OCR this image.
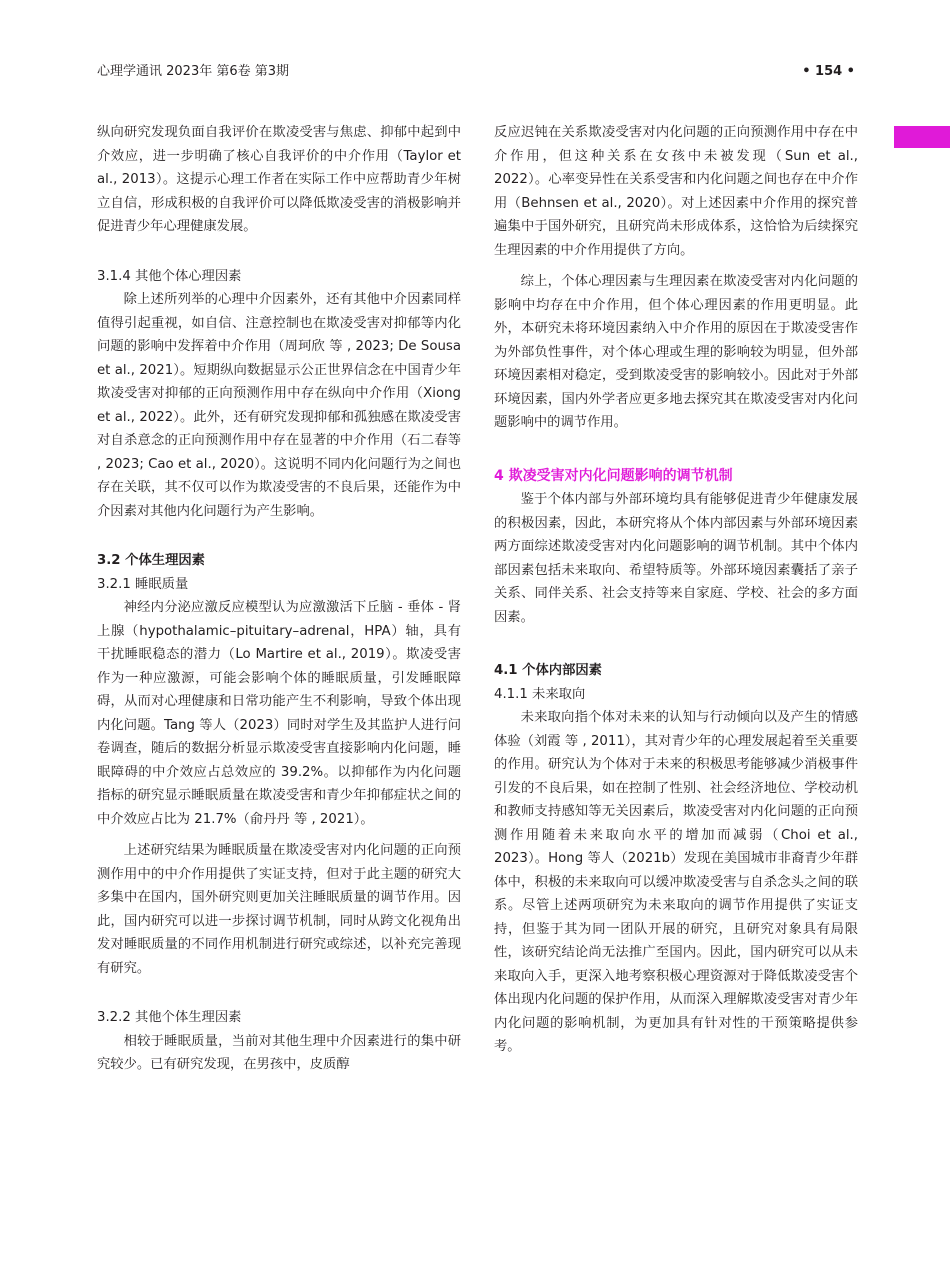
心理学通讯 2023年 第6卷 第3期	• 154 •

纵向研究发现负面自我评价在欺凌受害与焦虑、抑郁中起到中介效应，进一步明确了核心自我评价的中介作用（Taylor et al., 2013）。这提示心理工作者在实际工作中应帮助青少年树立自信，形成积极的自我评价可以降低欺凌受害的消极影响并促进青少年心理健康发展。

3.1.4 其他个体心理因素

除上述所列举的心理中介因素外，还有其他中介因素同样值得引起重视，如自信、注意控制也在欺凌受害对抑郁等内化问题的影响中发挥着中介作用（周珂欣 等 , 2023; De Sousa et al., 2021）。短期纵向数据显示公正世界信念在中国青少年欺凌受害对抑郁的正向预测作用中存在纵向中介作用（Xiong et al., 2022）。此外，还有研究发现抑郁和孤独感在欺凌受害对自杀意念的正向预测作用中存在显著的中介作用（石二春等 , 2023; Cao et al., 2020）。这说明不同内化问题行为之间也存在关联，其不仅可以作为欺凌受害的不良后果，还能作为中介因素对其他内化问题行为产生影响。

3.2 个体生理因素
3.2.1 睡眠质量

神经内分泌应激反应模型认为应激激活下丘脑 - 垂体 - 肾上腺（hypothalamic–pituitary–adrenal，HPA）轴，具有干扰睡眠稳态的潜力（Lo Martire et al., 2019）。欺凌受害作为一种应激源，可能会影响个体的睡眠质量，引发睡眠障碍，从而对心理健康和日常功能产生不利影响，导致个体出现内化问题。Tang 等人（2023）同时对学生及其监护人进行问卷调查，随后的数据分析显示欺凌受害直接影响内化问题，睡眠障碍的中介效应占总效应的 39.2%。以抑郁作为内化问题指标的研究显示睡眠质量在欺凌受害和青少年抑郁症状之间的中介效应占比为 21.7%（俞丹丹 等 , 2021）。

上述研究结果为睡眠质量在欺凌受害对内化问题的正向预测作用中的中介作用提供了实证支持，但对于此主题的研究大多集中在国内，国外研究则更加关注睡眠质量的调节作用。因此，国内研究可以进一步探讨调节机制，同时从跨文化视角出发对睡眠质量的不同作用机制进行研究或综述，以补充完善现有研究。

3.2.2 其他个体生理因素

相较于睡眠质量，当前对其他生理中介因素进行的集中研究较少。已有研究发现，在男孩中，皮质醇

反应迟钝在关系欺凌受害对内化问题的正向预测作用中存在中介作用，但这种关系在女孩中未被发现（Sun et al., 2022）。心率变异性在关系受害和内化问题之间也存在中介作用（Behnsen et al., 2020）。对上述因素中介作用的探究普遍集中于国外研究，且研究尚未形成体系，这恰恰为后续探究生理因素的中介作用提供了方向。

综上，个体心理因素与生理因素在欺凌受害对内化问题的影响中均存在中介作用，但个体心理因素的作用更明显。此外，本研究未将环境因素纳入中介作用的原因在于欺凌受害作为外部负性事件，对个体心理或生理的影响较为明显，但外部环境因素相对稳定，受到欺凌受害的影响较小。因此对于外部环境因素，国内外学者应更多地去探究其在欺凌受害对内化问题影响中的调节作用。

4 欺凌受害对内化问题影响的调节机制

鉴于个体内部与外部环境均具有能够促进青少年健康发展的积极因素，因此，本研究将从个体内部因素与外部环境因素两方面综述欺凌受害对内化问题影响的调节机制。其中个体内部因素包括未来取向、希望特质等。外部环境因素囊括了亲子关系、同伴关系、社会支持等来自家庭、学校、社会的多方面因素。

4.1 个体内部因素
4.1.1 未来取向

未来取向指个体对未来的认知与行动倾向以及产生的情感体验（刘霞 等 , 2011），其对青少年的心理发展起着至关重要的作用。研究认为个体对于未来的积极思考能够减少消极事件引发的不良后果，如在控制了性别、社会经济地位、学校动机和教师支持感知等无关因素后，欺凌受害对内化问题的正向预测作用随着未来取向水平的增加而减弱（Choi et al., 2023）。Hong 等人（2021b）发现在美国城市非裔青少年群体中，积极的未来取向可以缓冲欺凌受害与自杀念头之间的联系。尽管上述两项研究为未来取向的调节作用提供了实证支持，但鉴于其为同一团队开展的研究，且研究对象具有局限性，该研究结论尚无法推广至国内。因此，国内研究可以从未来取向入手，更深入地考察积极心理资源对于降低欺凌受害个体出现内化问题的保护作用，从而深入理解欺凌受害对青少年内化问题的影响机制，为更加具有针对性的干预策略提供参考。
